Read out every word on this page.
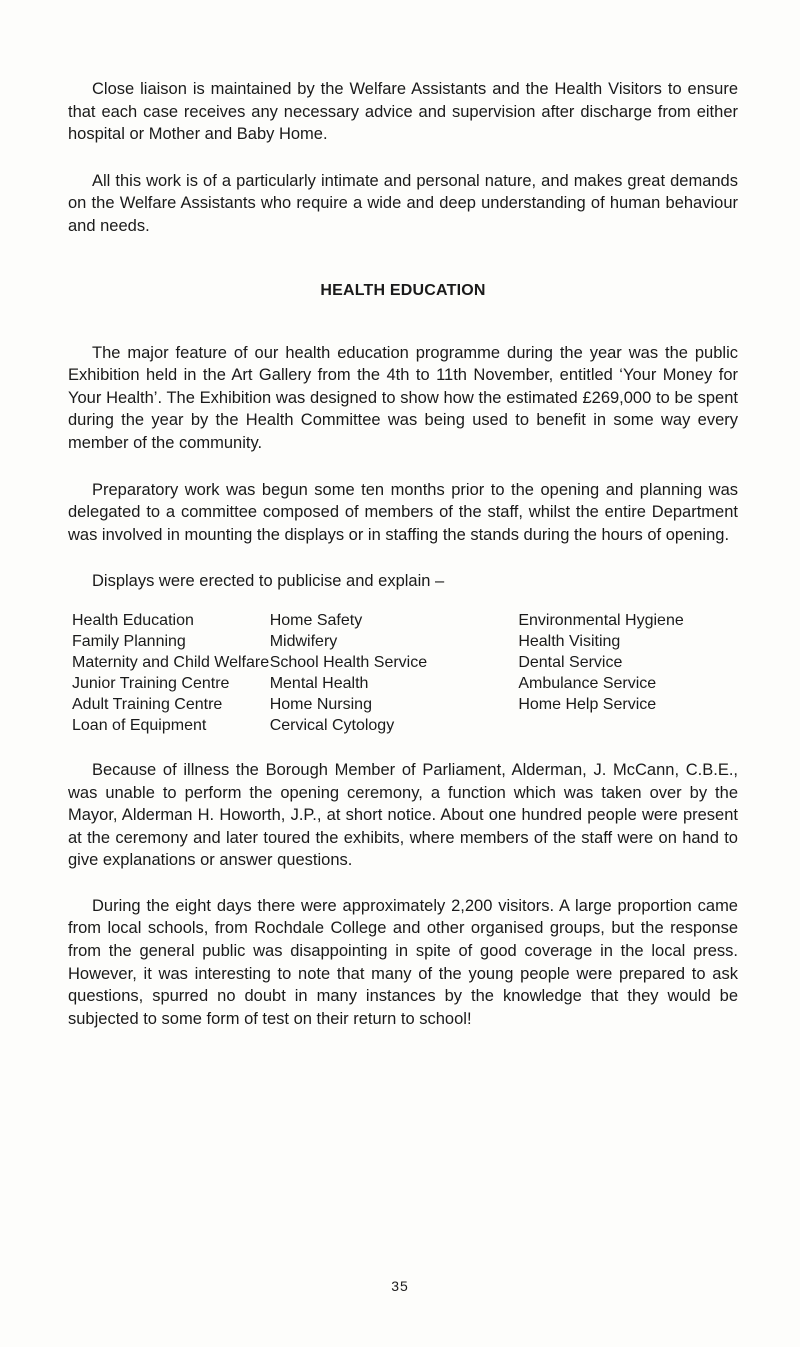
Close liaison is maintained by the Welfare Assistants and the Health Visitors to ensure that each case receives any necessary advice and supervision after discharge from either hospital or Mother and Baby Home.

All this work is of a particularly intimate and personal nature, and makes great demands on the Welfare Assistants who require a wide and deep understanding of human behaviour and needs.

HEALTH EDUCATION

The major feature of our health education programme during the year was the public Exhibition held in the Art Gallery from the 4th to 11th November, entitled ‘Your Money for Your Health’. The Exhibition was designed to show how the estimated £269,000 to be spent during the year by the Health Committee was being used to benefit in some way every member of the community.

Preparatory work was begun some ten months prior to the opening and planning was delegated to a committee composed of members of the staff, whilst the entire Department was involved in mounting the displays or in staffing the stands during the hours of opening.

Displays were erected to publicise and explain –

Health Education
Family Planning
Maternity and Child Welfare
Junior Training Centre
Adult Training Centre
Loan of Equipment
Home Safety
Midwifery
School Health Service
Mental Health
Home Nursing
Cervical Cytology
Environmental Hygiene
Health Visiting
Dental Service
Ambulance Service
Home Help Service

Because of illness the Borough Member of Parliament, Alderman, J. McCann, C.B.E., was unable to perform the opening ceremony, a function which was taken over by the Mayor, Alderman H. Howorth, J.P., at short notice. About one hundred people were present at the ceremony and later toured the exhibits, where members of the staff were on hand to give explanations or answer questions.

During the eight days there were approximately 2,200 visitors. A large proportion came from local schools, from Rochdale College and other organised groups, but the response from the general public was disappointing in spite of good coverage in the local press. However, it was interesting to note that many of the young people were prepared to ask questions, spurred no doubt in many instances by the knowledge that they would be subjected to some form of test on their return to school!

35
